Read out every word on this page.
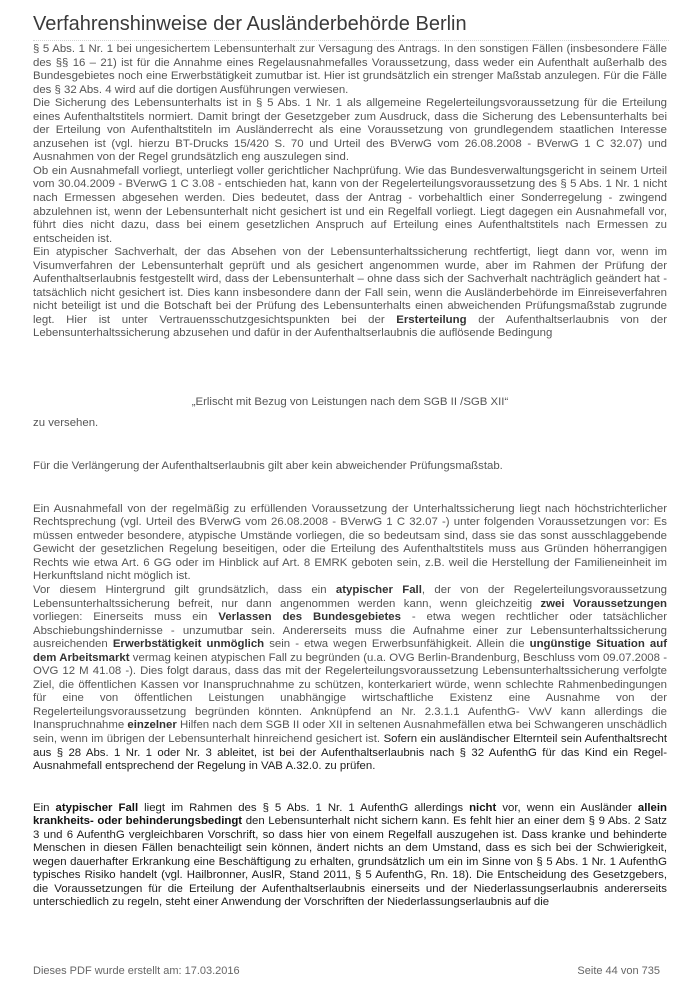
Verfahrenshinweise der Ausländerbehörde Berlin

§ 5 Abs. 1 Nr. 1 bei ungesichertem Lebensunterhalt zur Versagung des Antrags. In den sonstigen Fällen (insbesondere Fälle des §§ 16 – 21) ist für die Annahme eines Regelausnahmefalles Voraussetzung, dass weder ein Aufenthalt außerhalb des Bundesgebietes noch eine Erwerbstätigkeit zumutbar ist. Hier ist grundsätzlich ein strenger Maßstab anzulegen. Für die Fälle des § 32 Abs. 4 wird auf die dortigen Ausführungen verwiesen.

Die Sicherung des Lebensunterhalts ist in § 5 Abs. 1 Nr. 1 als allgemeine Regelerteilungsvoraussetzung für die Erteilung eines Aufenthaltstitels normiert. Damit bringt der Gesetzgeber zum Ausdruck, dass die Sicherung des Lebensunterhalts bei der Erteilung von Aufenthaltstiteln im Ausländerrecht als eine Voraussetzung von grundlegendem staatlichen Interesse anzusehen ist (vgl. hierzu BT-Drucks 15/420 S. 70 und Urteil des BVerwG vom 26.08.2008 - BVerwG 1 C 32.07) und Ausnahmen von der Regel grundsätzlich eng auszulegen sind.

Ob ein Ausnahmefall vorliegt, unterliegt voller gerichtlicher Nachprüfung. Wie das Bundesverwaltungsgericht in seinem Urteil vom 30.04.2009 - BVerwG 1 C 3.08 - entschieden hat, kann von der Regelerteilungsvoraussetzung des § 5 Abs. 1 Nr. 1 nicht nach Ermessen abgesehen werden. Dies bedeutet, dass der Antrag - vorbehaltlich einer Sonderregelung - zwingend abzulehnen ist, wenn der Lebensunterhalt nicht gesichert ist und ein Regelfall vorliegt. Liegt dagegen ein Ausnahmefall vor, führt dies nicht dazu, dass bei einem gesetzlichen Anspruch auf Erteilung eines Aufenthaltstitels nach Ermessen zu entscheiden ist.

Ein atypischer Sachverhalt, der das Absehen von der Lebensunterhaltssicherung rechtfertigt, liegt dann vor, wenn im Visumverfahren der Lebensunterhalt geprüft und als gesichert angenommen wurde, aber im Rahmen der Prüfung der Aufenthaltserlaubnis festgestellt wird, dass der Lebensunterhalt – ohne dass sich der Sachverhalt nachträglich geändert hat - tatsächlich nicht gesichert ist. Dies kann insbesondere dann der Fall sein, wenn die Ausländerbehörde im Einreiseverfahren nicht beteiligt ist und die Botschaft bei der Prüfung des Lebensunterhalts einen abweichenden Prüfungsmaßstab zugrunde legt. Hier ist unter Vertrauensschutzgesichtspunkten bei der Ersterteilung der Aufenthaltserlaubnis von der Lebensunterhaltssicherung abzusehen und dafür in der Aufenthaltserlaubnis die auflösende Bedingung

„Erlischt mit Bezug von Leistungen nach dem SGB II /SGB XII“

zu versehen.

Für die Verlängerung der Aufenthaltserlaubnis gilt aber kein abweichender Prüfungsmaßstab.

Ein Ausnahmefall von der regelmäßig zu erfüllenden Voraussetzung der Unterhaltssicherung liegt nach höchstrichterlicher Rechtsprechung (vgl. Urteil des BVerwG vom 26.08.2008 - BVerwG 1 C 32.07 -) unter folgenden Voraussetzungen vor: Es müssen entweder besondere, atypische Umstände vorliegen, die so bedeutsam sind, dass sie das sonst ausschlaggebende Gewicht der gesetzlichen Regelung beseitigen, oder die Erteilung des Aufenthaltstitels muss aus Gründen höherrangigen Rechts wie etwa Art. 6 GG oder im Hinblick auf Art. 8 EMRK geboten sein, z.B. weil die Herstellung der Familieneinheit im Herkunftsland nicht möglich ist.

Vor diesem Hintergrund gilt grundsätzlich, dass ein atypischer Fall, der von der Regelerteilungsvoraussetzung Lebensunterhaltssicherung befreit, nur dann angenommen werden kann, wenn gleichzeitig zwei Voraussetzungen vorliegen: Einerseits muss ein Verlassen des Bundesgebietes - etwa wegen rechtlicher oder tatsächlicher Abschiebungshindernisse - unzumutbar sein. Andererseits muss die Aufnahme einer zur Lebensunterhaltssicherung ausreichenden Erwerbstätigkeit unmöglich sein - etwa wegen Erwerbsunfähigkeit. Allein die ungünstige Situation auf dem Arbeitsmarkt vermag keinen atypischen Fall zu begründen (u.a. OVG Berlin-Brandenburg, Beschluss vom 09.07.2008 - OVG 12 M 41.08 -). Dies folgt daraus, dass das mit der Regelerteilungsvoraussetzung Lebensunterhaltssicherung verfolgte Ziel, die öffentlichen Kassen vor Inanspruchnahme zu schützen, konterkariert würde, wenn schlechte Rahmenbedingungen für eine von öffentlichen Leistungen unabhängige wirtschaftliche Existenz eine Ausnahme von der Regelerteilungsvoraussetzung begründen könnten. Anknüpfend an Nr. 2.3.1.1 AufenthG- VwV kann allerdings die Inanspruchnahme einzelner Hilfen nach dem SGB II oder XII in seltenen Ausnahmefällen etwa bei Schwangeren unschädlich sein, wenn im übrigen der Lebensunterhalt hinreichend gesichert ist. Sofern ein ausländischer Elternteil sein Aufenthaltsrecht aus § 28 Abs. 1 Nr. 1 oder Nr. 3 ableitet, ist bei der Aufenthaltserlaubnis nach § 32 AufenthG für das Kind ein Regel-Ausnahmefall entsprechend der Regelung in VAB A.32.0. zu prüfen.

Ein atypischer Fall liegt im Rahmen des § 5 Abs. 1 Nr. 1 AufenthG allerdings nicht vor, wenn ein Ausländer allein krankheits- oder behinderungsbedingt den Lebensunterhalt nicht sichern kann. Es fehlt hier an einer dem § 9 Abs. 2 Satz 3 und 6 AufenthG vergleichbaren Vorschrift, so dass hier von einem Regelfall auszugehen ist. Dass kranke und behinderte Menschen in diesen Fällen benachteiligt sein können, ändert nichts an dem Umstand, dass es sich bei der Schwierigkeit, wegen dauerhafter Erkrankung eine Beschäftigung zu erhalten, grundsätzlich um ein im Sinne von § 5 Abs. 1 Nr. 1 AufenthG typisches Risiko handelt (vgl. Hailbronner, AuslR, Stand 2011, § 5 AufenthG, Rn. 18). Die Entscheidung des Gesetzgebers, die Voraussetzungen für die Erteilung der Aufenthaltserlaubnis einerseits und der Niederlassungserlaubnis andererseits unterschiedlich zu regeln, steht einer Anwendung der Vorschriften der Niederlassungserlaubnis auf die

Dieses PDF wurde erstellt am: 17.03.2016	Seite 44 von 735
